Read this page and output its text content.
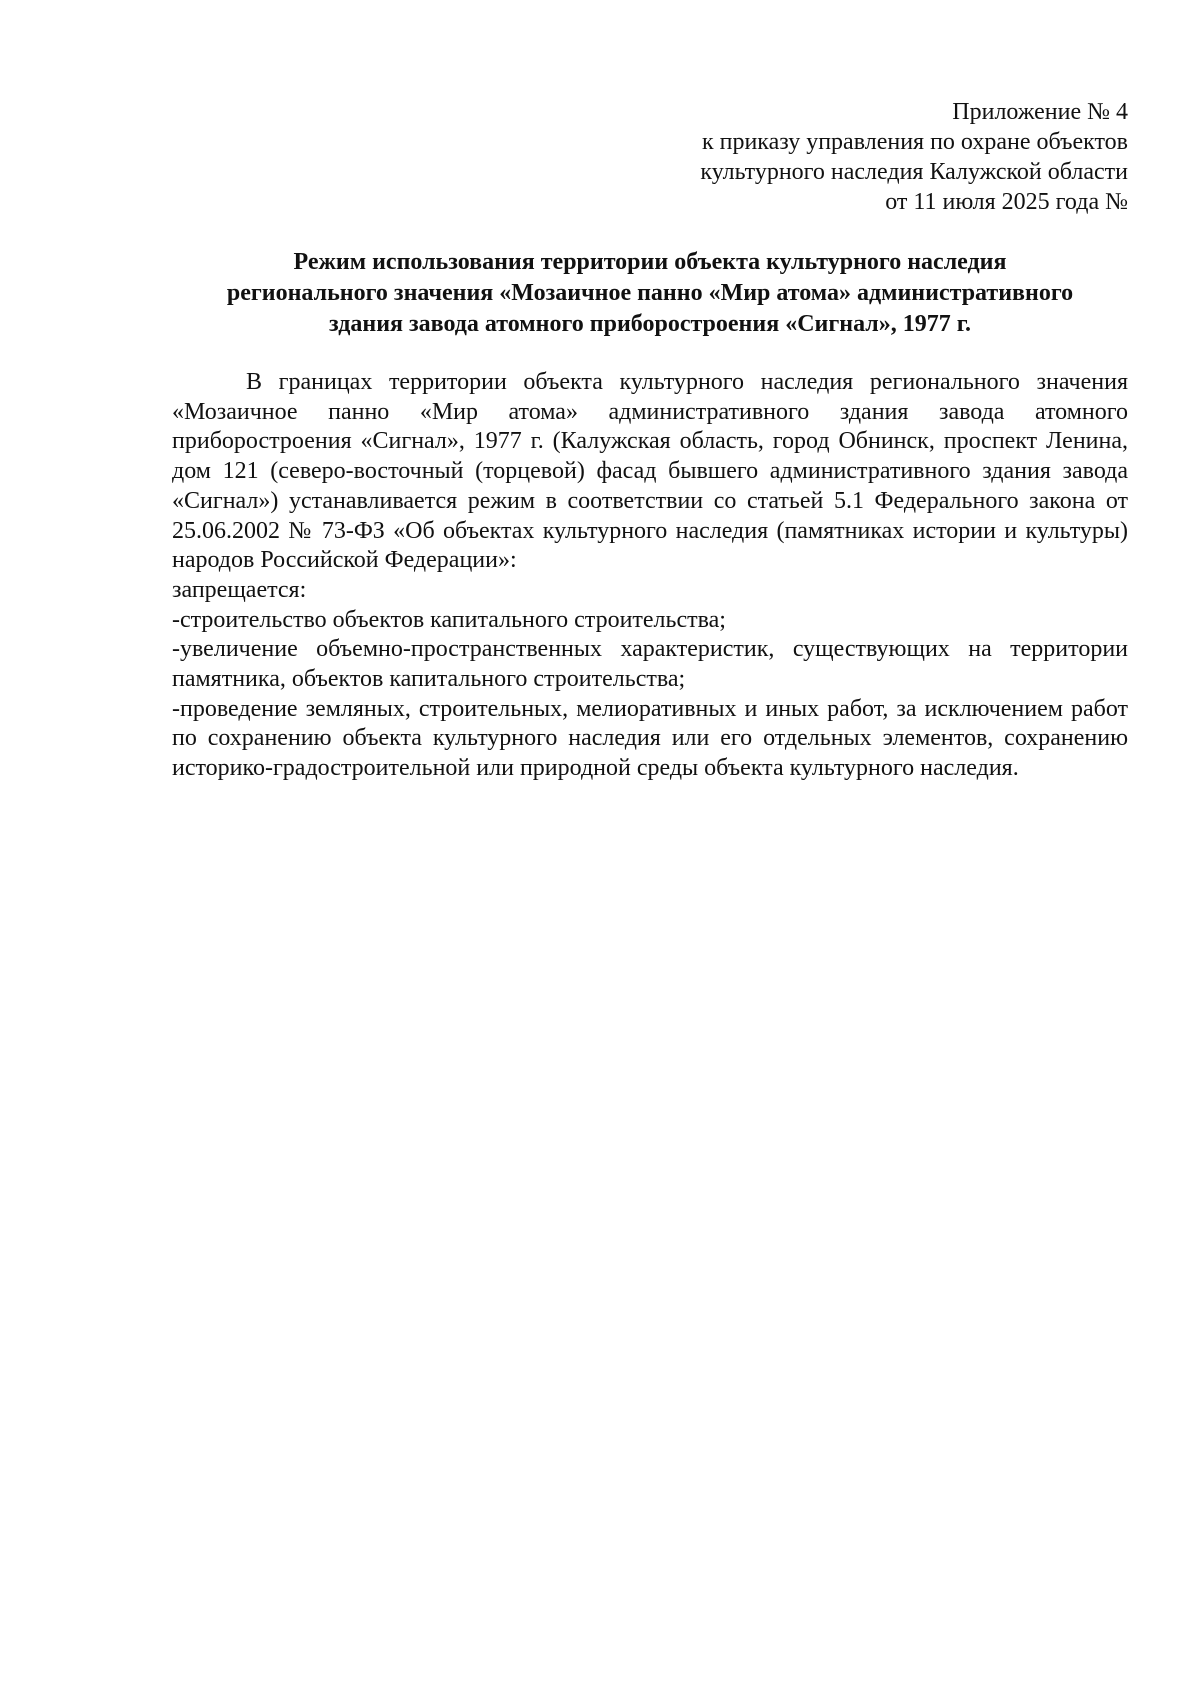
Приложение № 4
к приказу управления по охране объектов
культурного наследия Калужской области
от 11 июля 2025 года №
Режим использования территории объекта культурного наследия
регионального значения «Мозаичное панно «Мир атома» административного
здания завода атомного приборостроения «Сигнал», 1977 г.

В границах территории объекта культурного наследия регионального значения «Мозаичное панно «Мир атома» административного здания завода атомного приборостроения «Сигнал», 1977 г. (Калужская область, город Обнинск, проспект Ленина, дом 121 (северо-восточный (торцевой) фасад бывшего административного здания завода «Сигнал») устанавливается режим в соответствии со статьей 5.1 Федерального закона от 25.06.2002 № 73-ФЗ «Об объектах культурного наследия (памятниках истории и культуры) народов Российской Федерации»:

запрещается:

-строительство объектов капитального строительства;

-увеличение объемно-пространственных характеристик, существующих на территории памятника, объектов капитального строительства;

-проведение земляных, строительных, мелиоративных и иных работ, за исключением работ по сохранению объекта культурного наследия или его отдельных элементов, сохранению историко-градостроительной или природной среды объекта культурного наследия.
